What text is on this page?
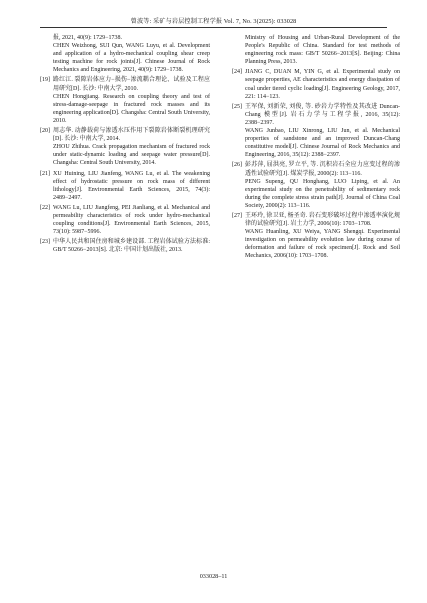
曾波等: 采矿与岩层控制工程学报 Vol. 7, No. 3(2025): 033028
报, 2021, 40(9): 1729−1738.
CHEN Weizhong, SUI Qun, WANG Luyu, et al. Development and application of a hydro-mechanical coupling shear creep testing machine for rock joints[J]. Chinese Journal of Rock Mechanics and Engineering, 2021, 40(9): 1729−1738.
[19] 路红江. 裂隙岩体应力−损伤−渗流耦合理论、试验及工程应用研究[D]. 长沙: 中南大学, 2010.
CHEN Hongjiang. Research on coupling theory and test of stress-damage-seepage in fractured rock masses and its engineering application[D]. Changsha: Central South University, 2010.
[20] 周志华. 动静载荷与渗透水压作用下裂隙岩体断裂机理研究[D]. 长沙: 中南大学, 2014.
ZHOU Zhihua. Crack propagation mechanism of fractured rock under static-dynamic loading and seepage water pressure[D]. Changsha: Central South University, 2014.
[21] XU Huining, LIU Jianfeng, WANG Lu, et al. The weakening effect of hydrostatic pressure on rock mass of different lithology[J]. Environmental Earth Sciences, 2015, 74(3): 2489−2497.
[22] WANG Lu, LIU Jiangfeng, PEI Jianliang, et al. Mechanical and permeability characteristics of rock under hydro-mechanical coupling conditions[J]. Environmental Earth Sciences, 2015, 73(10): 5987−5996.
[23] 中华人民共和国住房和城乡建设部. 工程岩体试验方法标准: GB/T 50266−2013[S]. 北京: 中国计划出版社, 2013.
Ministry of Housing and Urban-Rural Development of the People's Republic of China. Standard for test methods of engineering rock mass: GB/T 50266−2013[S]. Beijing: China Planning Press, 2013.
[24] JIANG C, DUAN M, YIN G, et al. Experimental study on seepage properties, AE characteristics and energy dissipation of coal under tiered cyclic loading[J]. Engineering Geology, 2017, 221: 114−123.
[25] 王军保, 刘新荣, 刘俊, 等. 砂岩力学特性及其改进 Duncan-Chang 模型[J]. 岩石力学与工程学报, 2016, 35(12): 2388−2397.
WANG Junbao, LIU Xinrong, LIU Jun, et al. Mechanical properties of sandstone and an improved Duncan-Chang constitutive model[J]. Chinese Journal of Rock Mechanics and Engineering, 2016, 35(12): 2388−2397.
[26] 彭苏萍, 屈洪亮, 罗立平, 等. 沉积岩石全应力应变过程的渗透性试验研究[J]. 煤炭学报, 2000(2): 113−116.
PENG Supeng, QU Honghang, LUO Liping, et al. An experimental study on the penetrability of sedimentary rock during the complete stress strain path[J]. Journal of China Coal Society, 2000(2): 113−116.
[27] 王环玲, 徐卫亚, 杨圣奇. 岩石变形破坏过程中渗透率演化规律的试验研究[J]. 岩土力学, 2006(10): 1703−1708.
WANG Huanling, XU Weiya, YANG Shengqi. Experimental investigation on permeability evolution law during course of deformation and failure of rock specimen[J]. Rock and Soil Mechanics, 2006(10): 1703−1708.
033028–11
